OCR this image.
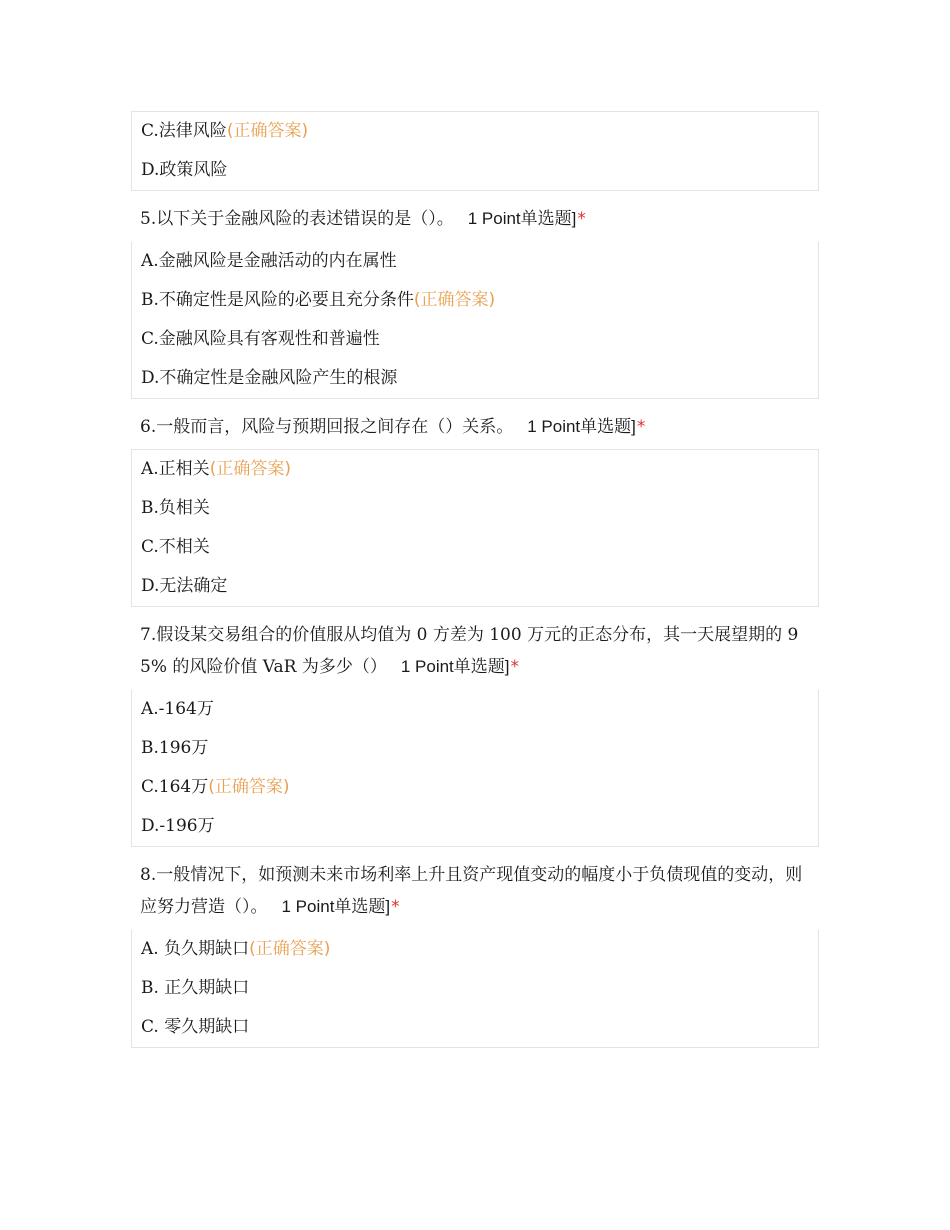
C.法律风险(正确答案)
D.政策风险
5.以下关于金融风险的表述错误的是（）。 1 Point单选题]*
A.金融风险是金融活动的内在属性
B.不确定性是风险的必要且充分条件(正确答案)
C.金融风险具有客观性和普遍性
D.不确定性是金融风险产生的根源
6.一般而言，风险与预期回报之间存在（）关系。 1 Point单选题]*
A.正相关(正确答案)
B.负相关
C.不相关
D.无法确定
7.假设某交易组合的价值服从均值为 0 方差为 100 万元的正态分布，其一天展望期的 95% 的风险价值 VaR 为多少（） 1 Point单选题]*
A.-164万
B.196万
C.164万(正确答案)
D.-196万
8.一般情况下，如预测未来市场利率上升且资产现值变动的幅度小于负债现值的变动，则应努力营造（）。 1 Point单选题]*
A. 负久期缺口(正确答案)
B. 正久期缺口
C. 零久期缺口
